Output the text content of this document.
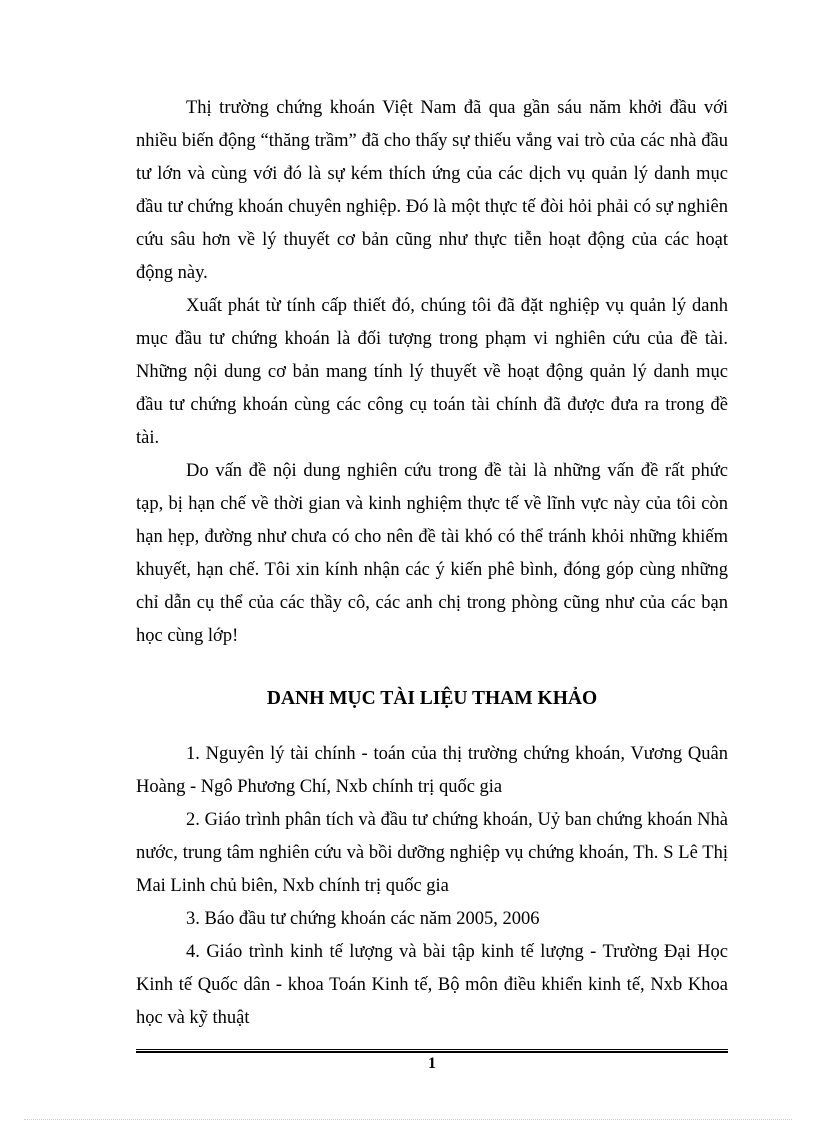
Thị trường chứng khoán Việt Nam đã qua gần sáu năm khởi đầu với nhiều biến động “thăng trầm” đã cho thấy sự thiếu vắng vai trò của các nhà đầu tư lớn và cùng với đó là sự kém thích ứng của các dịch vụ quản lý danh mục đầu tư chứng khoán chuyên nghiệp. Đó là một thực tế đòi hỏi phải có sự nghiên cứu sâu hơn về lý thuyết cơ bản cũng như thực tiễn hoạt động của các hoạt động này.

Xuất phát từ tính cấp thiết đó, chúng tôi đã đặt nghiệp vụ quản lý danh mục đầu tư chứng khoán là đối tượng trong phạm vi nghiên cứu của đề tài. Những nội dung cơ bản mang tính lý thuyết về hoạt động quản lý danh mục đầu tư chứng khoán cùng các công cụ toán tài chính đã được đưa ra trong đề tài.

Do vấn đề nội dung nghiên cứu trong đề tài là những vấn đề rất phức tạp, bị hạn chế về thời gian và kinh nghiệm thực tế về lĩnh vực này của tôi còn hạn hẹp, đường như chưa có cho nên đề tài khó có thể tránh khỏi những khiếm khuyết, hạn chế. Tôi xin kính nhận các ý kiến phê bình, đóng góp cùng những chỉ dẫn cụ thể của các thầy cô, các anh chị trong phòng cũng như của các bạn học cùng lớp!

DANH MỤC TÀI LIỆU THAM KHẢO

1. Nguyên lý tài chính - toán của thị trường chứng khoán, Vương Quân Hoàng - Ngô Phương Chí, Nxb chính trị quốc gia

2. Giáo trình phân tích và đầu tư chứng khoán, Uỷ ban chứng khoán Nhà nước, trung tâm nghiên cứu và bồi dưỡng nghiệp vụ chứng khoán, Th. S Lê Thị Mai Linh chủ biên, Nxb chính trị quốc gia

3. Báo đầu tư chứng khoán các năm 2005, 2006

4. Giáo trình kinh tế lượng và bài tập kinh tế lượng - Trường Đại Học Kinh tế Quốc dân - khoa Toán Kinh tế, Bộ môn điều khiển kinh tế, Nxb Khoa học và kỹ thuật

1
